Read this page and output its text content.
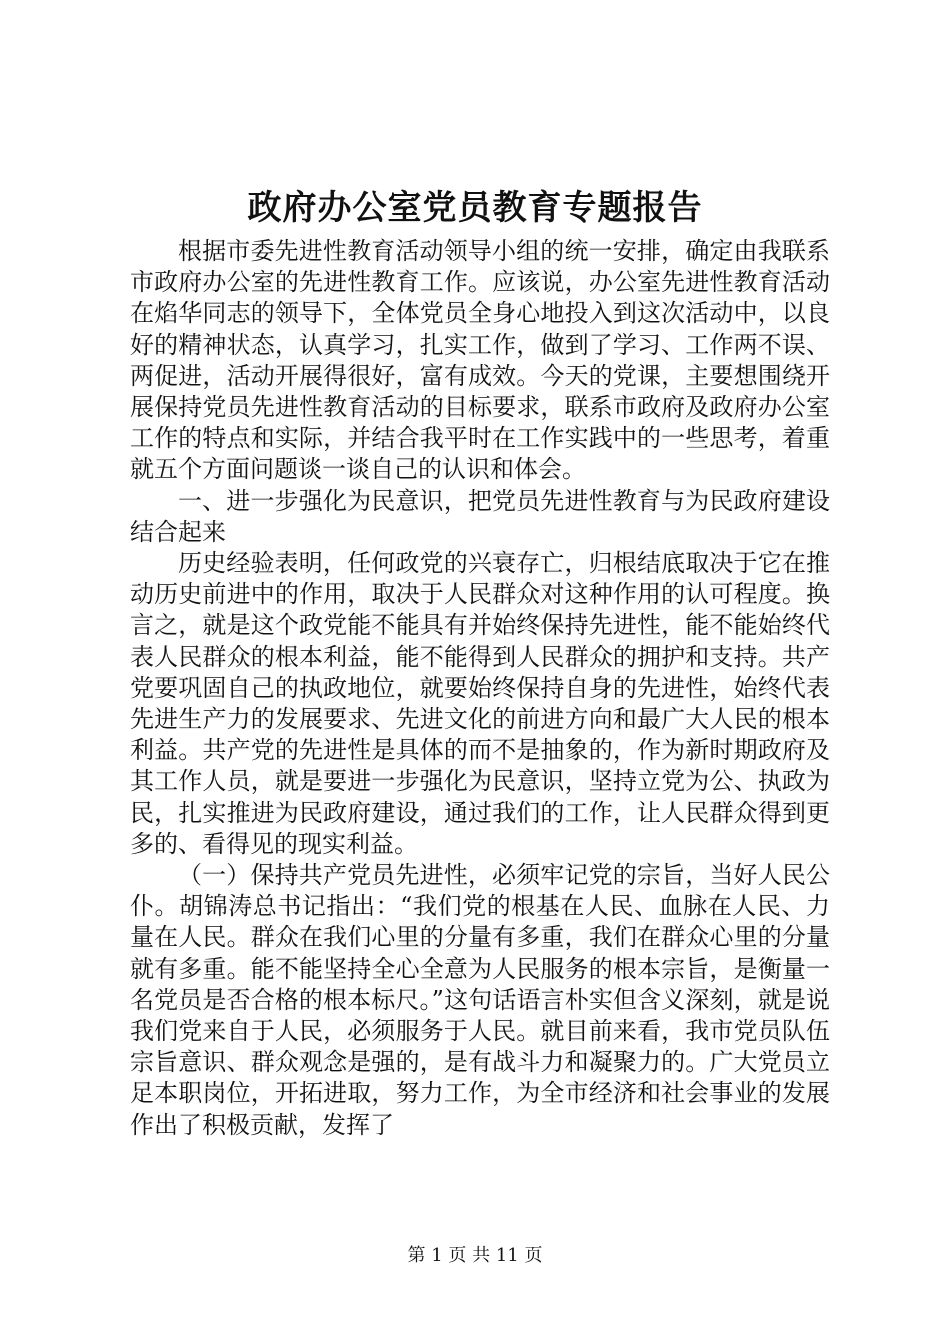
政府办公室党员教育专题报告

根据市委先进性教育活动领导小组的统一安排，确定由我联系市政府办公室的先进性教育工作。应该说，办公室先进性教育活动在焰华同志的领导下，全体党员全身心地投入到这次活动中，以良好的精神状态，认真学习，扎实工作，做到了学习、工作两不误、两促进，活动开展得很好，富有成效。今天的党课，主要想围绕开展保持党员先进性教育活动的目标要求，联系市政府及政府办公室工作的特点和实际，并结合我平时在工作实践中的一些思考，着重就五个方面问题谈一谈自己的认识和体会。

一、进一步强化为民意识，把党员先进性教育与为民政府建设结合起来

历史经验表明，任何政党的兴衰存亡，归根结底取决于它在推动历史前进中的作用，取决于人民群众对这种作用的认可程度。换言之，就是这个政党能不能具有并始终保持先进性，能不能始终代表人民群众的根本利益，能不能得到人民群众的拥护和支持。共产党要巩固自己的执政地位，就要始终保持自身的先进性，始终代表先进生产力的发展要求、先进文化的前进方向和最广大人民的根本利益。共产党的先进性是具体的而不是抽象的，作为新时期政府及其工作人员，就是要进一步强化为民意识，坚持立党为公、执政为民，扎实推进为民政府建设，通过我们的工作，让人民群众得到更多的、看得见的现实利益。

（一）保持共产党员先进性，必须牢记党的宗旨，当好人民公仆。胡锦涛总书记指出：“我们党的根基在人民、血脉在人民、力量在人民。群众在我们心里的分量有多重，我们在群众心里的分量就有多重。能不能坚持全心全意为人民服务的根本宗旨，是衡量一名党员是否合格的根本标尺。”这句话语言朴实但含义深刻，就是说我们党来自于人民，必须服务于人民。就目前来看，我市党员队伍宗旨意识、群众观念是强的，是有战斗力和凝聚力的。广大党员立足本职岗位，开拓进取，努力工作，为全市经济和社会事业的发展作出了积极贡献，发挥了

第 1 页 共 11 页
